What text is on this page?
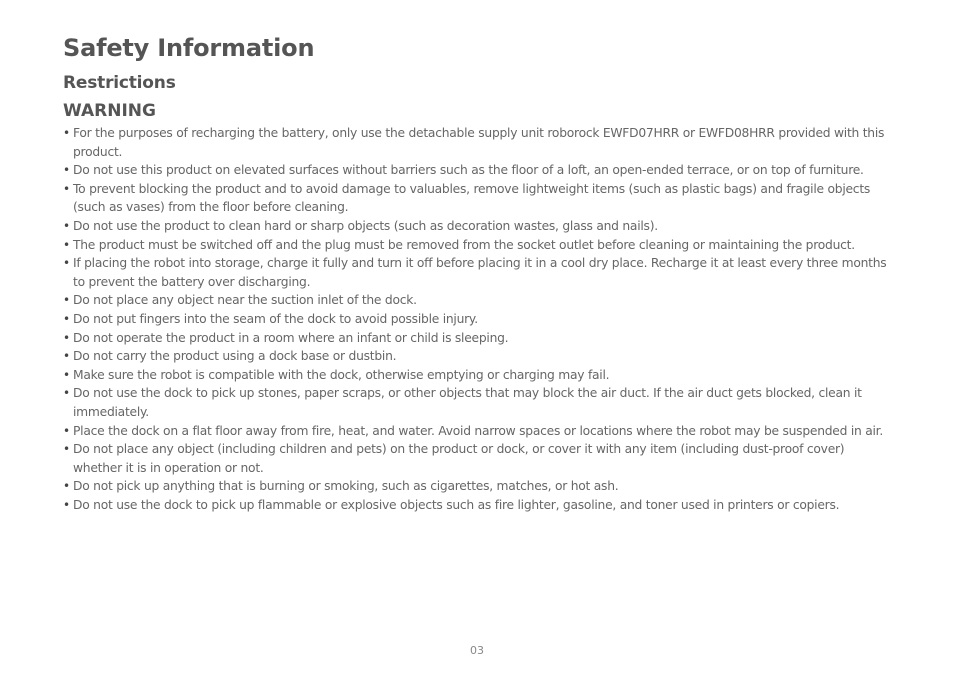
Safety Information
Restrictions
WARNING
• For the purposes of recharging the battery, only use the detachable supply unit roborock EWFD07HRR or EWFD08HRR provided with this product.
• Do not use this product on elevated surfaces without barriers such as the floor of a loft, an open-ended terrace, or on top of furniture.
• To prevent blocking the product and to avoid damage to valuables, remove lightweight items (such as plastic bags) and fragile objects (such as vases) from the floor before cleaning.
• Do not use the product to clean hard or sharp objects (such as decoration wastes, glass and nails).
• The product must be switched off and the plug must be removed from the socket outlet before cleaning or maintaining the product.
• If placing the robot into storage, charge it fully and turn it off before placing it in a cool dry place. Recharge it at least every three months to prevent the battery over discharging.
• Do not place any object near the suction inlet of the dock.
• Do not put fingers into the seam of the dock to avoid possible injury.
• Do not operate the product in a room where an infant or child is sleeping.
• Do not carry the product using a dock base or dustbin.
• Make sure the robot is compatible with the dock, otherwise emptying or charging may fail.
• Do not use the dock to pick up stones, paper scraps, or other objects that may block the air duct. If the air duct gets blocked, clean it immediately.
• Place the dock on a flat floor away from fire, heat, and water. Avoid narrow spaces or locations where the robot may be suspended in air.
• Do not place any object (including children and pets) on the product or dock, or cover it with any item (including dust-proof cover) whether it is in operation or not.
• Do not pick up anything that is burning or smoking, such as cigarettes, matches, or hot ash.
• Do not use the dock to pick up flammable or explosive objects such as fire lighter, gasoline, and toner used in printers or copiers.
03
